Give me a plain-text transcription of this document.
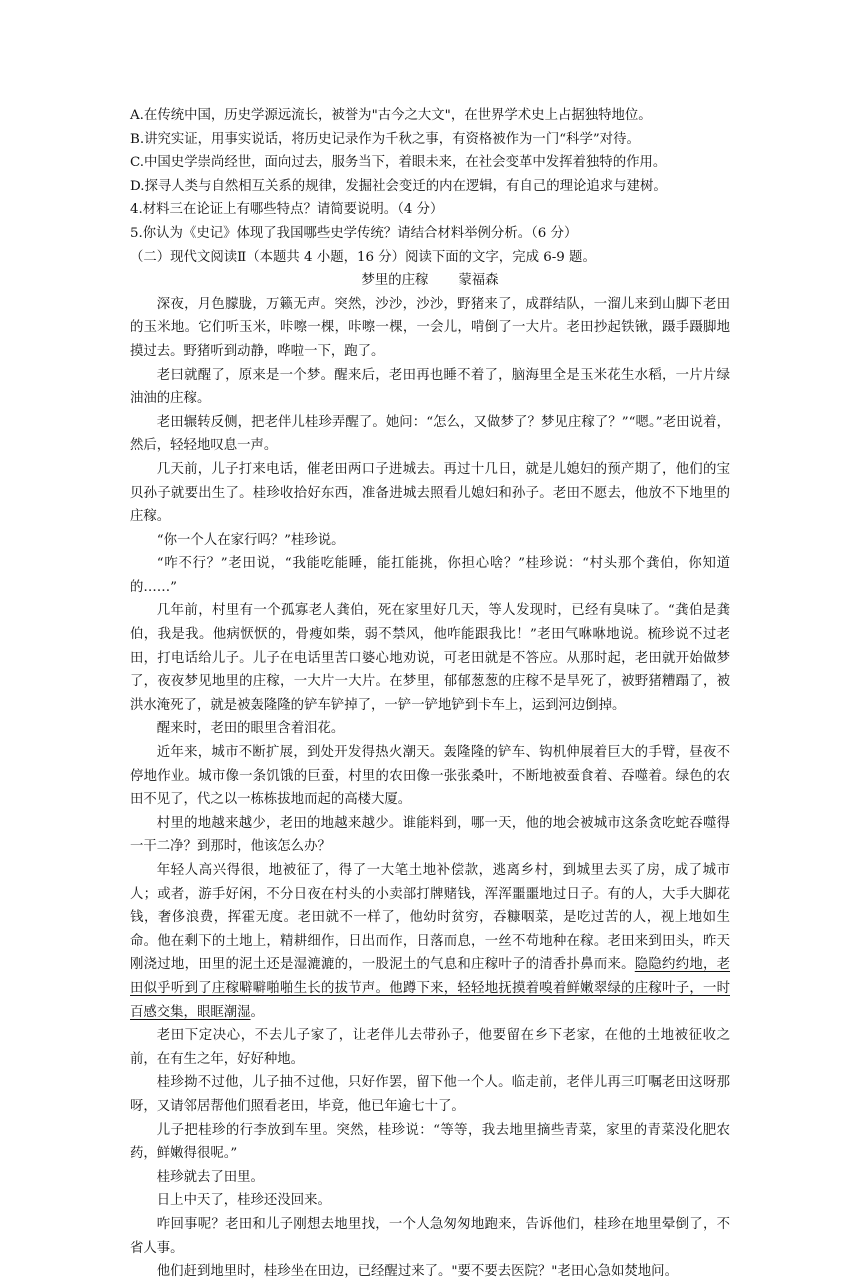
A.在传统中国，历史学源远流长，被誉为"古今之大文"，在世界学术史上占据独特地位。

B.讲究实证，用事实说话，将历史记录作为千秋之事，有资格被作为一门“科学”对待。

C.中国史学崇尚经世，面向过去，服务当下，着眼未来，在社会变革中发挥着独特的作用。

D.探寻人类与自然相互关系的规律，发掘社会变迁的内在逻辑，有自己的理论追求与建树。

4.材料三在论证上有哪些特点？请简要说明。（4 分）

5.你认为《史记》体现了我国哪些史学传统？请结合材料举例分析。（6 分）

（二）现代文阅读Ⅱ（本题共 4 小题，16 分）阅读下面的文字，完成 6-9 题。

梦里的庄稼 蒙福森

深夜，月色朦胧，万籁无声。突然，沙沙，沙沙，野猪来了，成群结队，一溜儿来到山脚下老田的玉米地。它们听玉米，咔嚓一棵，咔嚓一棵，一会儿，啃倒了一大片。老田抄起铁锹，蹑手蹑脚地摸过去。野猪听到动静，哗啦一下，跑了。

老曰就醒了，原来是一个梦。醒来后，老田再也睡不着了，脑海里全是玉米花生水稻，一片片绿油油的庄稼。

老田辗转反侧，把老伴儿桂珍弄醒了。她问：“怎么，又做梦了？梦见庄稼了？”“嗯。”老田说着，然后，轻轻地叹息一声。

几天前，儿子打来电话，催老田两口子进城去。再过十几日，就是儿媳妇的预产期了，他们的宝贝孙子就要出生了。桂珍收拾好东西，准备进城去照看儿媳妇和孙子。老田不愿去，他放不下地里的庄稼。

“你一个人在家行吗？”桂珍说。

“咋不行？”老田说，“我能吃能睡，能扛能挑，你担心啥？”桂珍说：“村头那个龚伯，你知道的……”

几年前，村里有一个孤寡老人龚伯，死在家里好几天，等人发现时，已经有臭味了。“龚伯是龚伯，我是我。他病恹恹的，骨瘦如柴，弱不禁风，他咋能跟我比！”老田气咻咻地说。梳珍说不过老田，打电话给儿子。儿子在电话里苦口婆心地劝说，可老田就是不答应。从那时起，老田就开始做梦了，夜夜梦见地里的庄稼，一大片一大片。在梦里，郁郁葱葱的庄稼不是旱死了，被野猪糟蹋了，被洪水淹死了，就是被轰隆隆的铲车铲掉了，一铲一铲地铲到卡车上，运到河边倒掉。

醒来时，老田的眼里含着泪花。

近年来，城市不断扩展，到处开发得热火潮天。轰隆隆的铲车、钩机伸展着巨大的手臂，昼夜不停地作业。城市像一条饥饿的巨蚕，村里的农田像一张张桑叶，不断地被蚕食着、吞噬着。绿色的农田不见了，代之以一栋栋拔地而起的高楼大厦。

村里的地越来越少，老田的地越来越少。谁能料到，哪一天，他的地会被城市这条贪吃蛇吞噬得一干二净？到那时，他该怎么办？

年轻人高兴得很，地被征了，得了一大笔土地补偿款，逃离乡村，到城里去买了房，成了城市人；或者，游手好闲，不分日夜在村头的小卖部打牌赌钱，浑浑噩噩地过日子。有的人，大手大脚花钱，奢侈浪费，挥霍无度。老田就不一样了，他幼时贫穷，吞糠咽菜，是吃过苦的人，视上地如生命。他在剩下的土地上，精耕细作，日出而作，日落而息，一丝不苟地种在稼。老田来到田头，昨天刚浇过地，田里的泥土还是湿漉漉的，一股泥土的气息和庄稼叶子的清香扑鼻而来。隐隐约约地，老田似乎听到了庄稼噼噼啪啪生长的拔节声。他蹲下来，轻轻地抚摸着嗅着鲜嫩翠绿的庄稼叶子，一时百感交集，眼眶潮湿。

老田下定决心，不去儿子家了，让老伴儿去带孙子，他要留在乡下老家，在他的土地被征收之前，在有生之年，好好种地。

桂珍拗不过他，儿子抽不过他，只好作罢，留下他一个人。临走前，老伴儿再三叮嘱老田这呀那呀，又请邻居帮他们照看老田，毕竟，他已年逾七十了。

儿子把桂珍的行李放到车里。突然，桂珍说：“等等，我去地里摘些青菜，家里的青菜没化肥农药，鲜嫩得很呢。”

桂珍就去了田里。

日上中天了，桂珍还没回来。

咋回事呢？老田和儿子刚想去地里找，一个人急匆匆地跑来，告诉他们，桂珍在地里晕倒了，不省人事。

他们赶到地里时，桂珍坐在田边，已经醒过来了。"要不要去医院？"老田心急如焚地问。
